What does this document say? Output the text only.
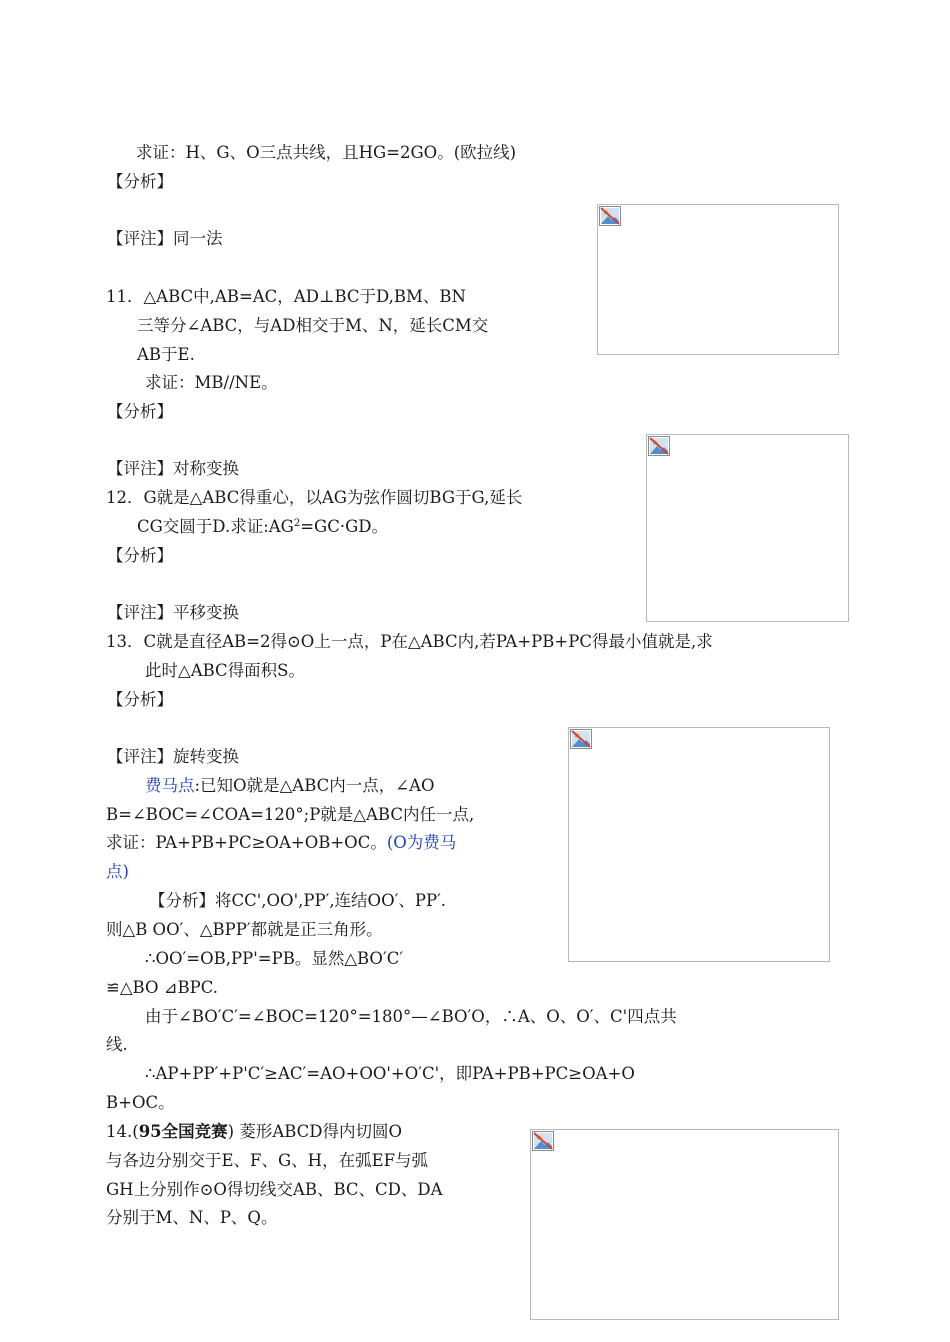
求证：H、G、O三点共线，且HG=2GO。(欧拉线)
【分析】
【评注】同一法
11．△ABC中,AB=AC，AD⊥BC于D,BM、BN
三等分∠ABC，与AD相交于M、N，延长CM交
AB于E.
求证：MB//NE。
【分析】
【评注】对称变换
12．G就是△ABC得重心，以AG为弦作圆切BG于G,延长
CG交圆于D.求证$:AG^2=GC\cdot GD$。
【分析】
【评注】平移变换
13．C就是直径AB=2得⊙O上一点，P在△ABC内,若PA+PB+PC得最小值就是,求
此时△ABC得面积S。
【分析】
【评注】旋转变换
费马点:已知O就是△ABC内一点，∠AO
B=∠BOC=∠COA=120°;P就是△ABC内任一点,
求证：PA+PB+PC≥OA+OB+OC。(O为费马
点)
【分析】将CC',OO',PP′,连结OO′、PP′.
则△B OO′、△BPP′都就是正三角形。
∴OO′=OB,PP'=PB。显然△BO′C′
≌△BO ⊿BPC.
由于∠BO′C′=∠BOC=120°=180°—∠BO′O，∴A、O、O′、C'四点共
线.
∴AP+PP′+P'C′≥AC′=AO+OO'+O′C'，即PA+PB+PC≥OA+O
B+OC。
14.(95全国竞赛) 菱形ABCD得内切圆O
与各边分别交于E、F、G、H，在弧EF与弧
GH上分别作⊙O得切线交AB、BC、CD、DA
分别于M、N、P、Q。
